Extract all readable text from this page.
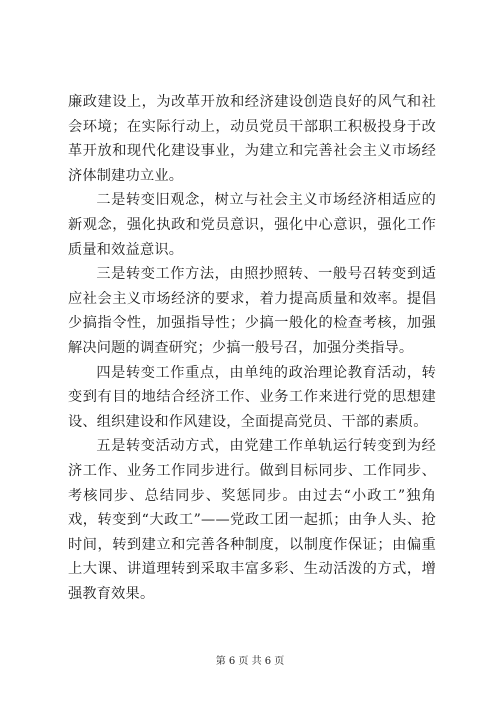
廉政建设上，为改革开放和经济建设创造良好的风气和社会环境；在实际行动上，动员党员干部职工积极投身于改革开放和现代化建设事业，为建立和完善社会主义市场经济体制建功立业。

二是转变旧观念，树立与社会主义市场经济相适应的新观念，强化执政和党员意识，强化中心意识，强化工作质量和效益意识。

三是转变工作方法，由照抄照转、一般号召转变到适应社会主义市场经济的要求，着力提高质量和效率。提倡少搞指令性，加强指导性；少搞一般化的检查考核，加强解决问题的调查研究；少搞一般号召，加强分类指导。

四是转变工作重点，由单纯的政治理论教育活动，转变到有目的地结合经济工作、业务工作来进行党的思想建设、组织建设和作风建设，全面提高党员、干部的素质。

五是转变活动方式，由党建工作单轨运行转变到为经济工作、业务工作同步进行。做到目标同步、工作同步、考核同步、总结同步、奖惩同步。由过去“小政工”独角戏，转变到“大政工”——党政工团一起抓；由争人头、抢时间，转到建立和完善各种制度，以制度作保证；由偏重上大课、讲道理转到采取丰富多彩、生动活泼的方式，增强教育效果。

第 6 页 共 6 页
